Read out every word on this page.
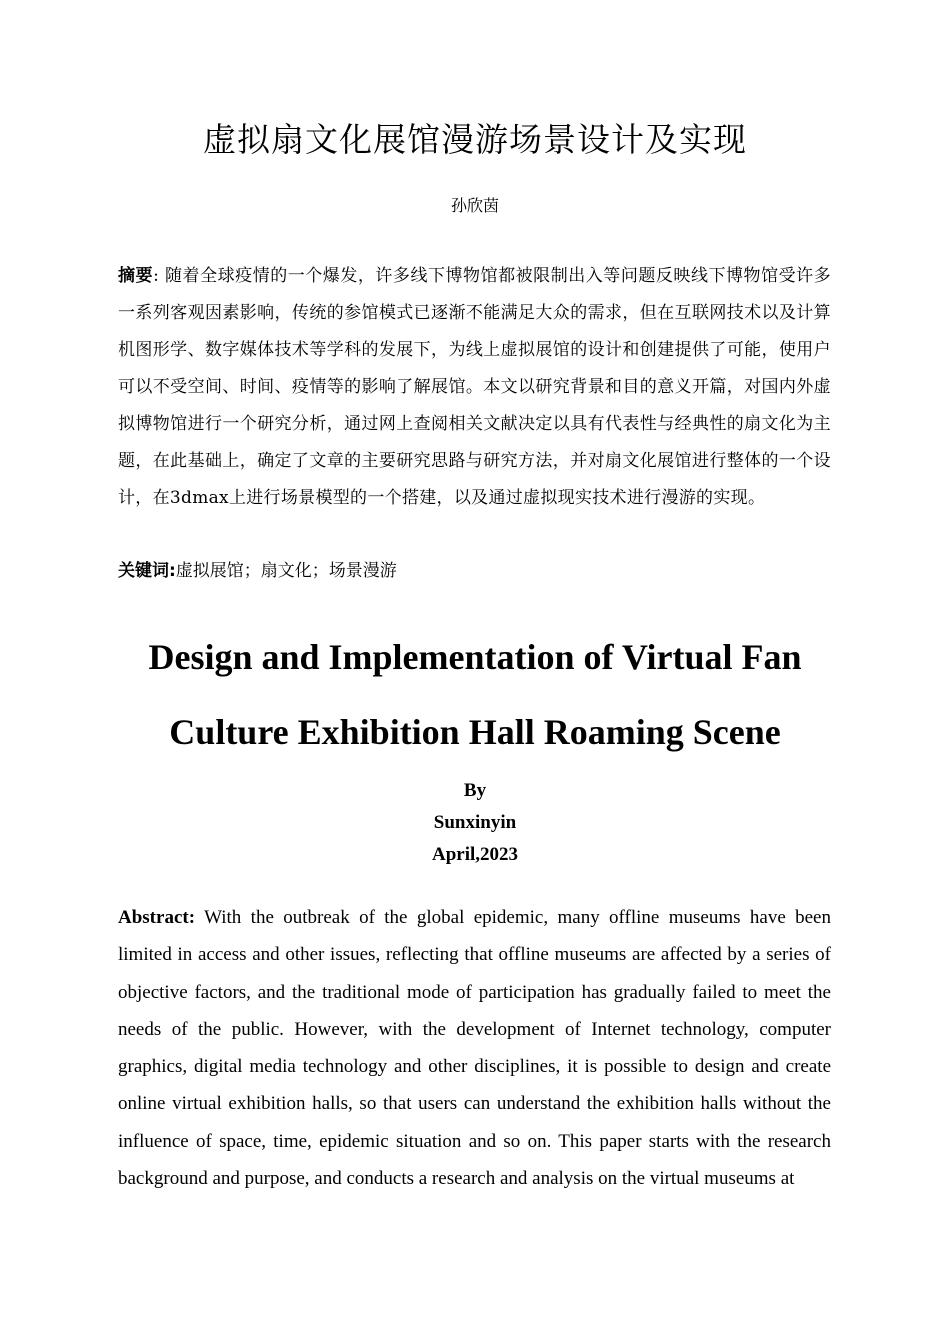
虚拟扇文化展馆漫游场景设计及实现
孙欣茵
摘要: 随着全球疫情的一个爆发，许多线下博物馆都被限制出入等问题反映线下博物馆受许多一系列客观因素影响，传统的参馆模式已逐渐不能满足大众的需求，但在互联网技术以及计算机图形学、数字媒体技术等学科的发展下，为线上虚拟展馆的设计和创建提供了可能，使用户可以不受空间、时间、疫情等的影响了解展馆。本文以研究背景和目的意义开篇，对国内外虚拟博物馆进行一个研究分析，通过网上查阅相关文献决定以具有代表性与经典性的扇文化为主题，在此基础上，确定了文章的主要研究思路与研究方法，并对扇文化展馆进行整体的一个设计，在3dmax上进行场景模型的一个搭建，以及通过虚拟现实技术进行漫游的实现。
关键词:虚拟展馆；扇文化；场景漫游
Design and Implementation of Virtual Fan
Culture Exhibition Hall Roaming Scene
By
Sunxinyin
April,2023
Abstract: With the outbreak of the global epidemic, many offline museums have been limited in access and other issues, reflecting that offline museums are affected by a series of objective factors, and the traditional mode of participation has gradually failed to meet the needs of the public. However, with the development of Internet technology, computer graphics, digital media technology and other disciplines, it is possible to design and create online virtual exhibition halls, so that users can understand the exhibition halls without the influence of space, time, epidemic situation and so on. This paper starts with the research background and purpose, and conducts a research and analysis on the virtual museums at
